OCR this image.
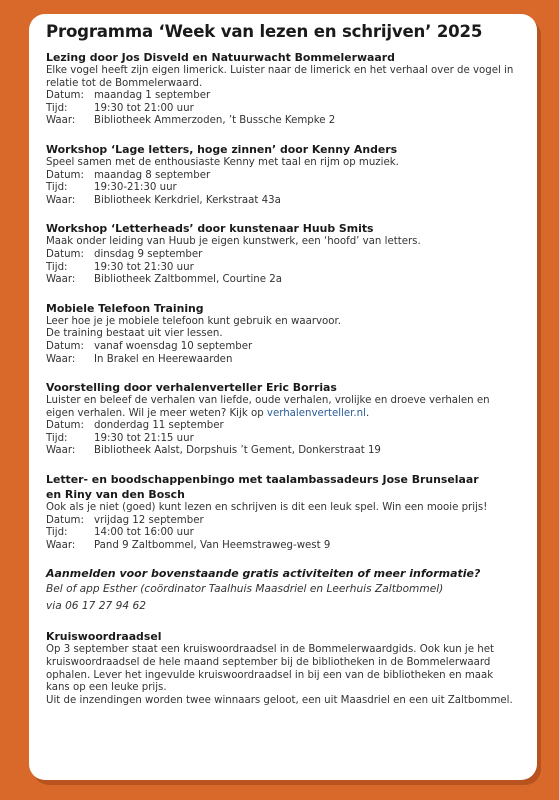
Programma ‘Week van lezen en schrijven’ 2025
Lezing door Jos Disveld en Natuurwacht Bommelerwaard
Elke vogel heeft zijn eigen limerick. Luister naar de limerick en het verhaal over de vogel in
relatie tot de Bommelerwaard.
Datum: maandag 1 september
Tijd:	19:30 tot 21:00 uur
Waar:	Bibliotheek Ammerzoden, ’t Bussche Kempke 2
Workshop ‘Lage letters, hoge zinnen’ door Kenny Anders
Speel samen met de enthousiaste Kenny met taal en rijm op muziek.
Datum: maandag 8 september
Tijd:	19:30-21:30 uur
Waar:	Bibliotheek Kerkdriel, Kerkstraat 43a
Workshop ‘Letterheads’ door kunstenaar Huub Smits
Maak onder leiding van Huub je eigen kunstwerk, een ‘hoofd’ van letters.
Datum: dinsdag 9 september
Tijd:	19:30 tot 21:30 uur
Waar:	Bibliotheek Zaltbommel, Courtine 2a
Mobiele Telefoon Training
Leer hoe je je mobiele telefoon kunt gebruik en waarvoor.
De training bestaat uit vier lessen.
Datum: vanaf woensdag 10 september
Waar:	In Brakel en Heerewaarden
Voorstelling door verhalenverteller Eric Borrias
Luister en beleef de verhalen van liefde, oude verhalen, vrolijke en droeve verhalen en
eigen verhalen. Wil je meer weten? Kijk op verhalenverteller.nl.
Datum: donderdag 11 september
Tijd:	19:30 tot 21:15 uur
Waar:	Bibliotheek Aalst, Dorpshuis ’t Gement, Donkerstraat 19
Letter- en boodschappenbingo met taalambassadeurs Jose Brunselaar
en Riny van den Bosch
Ook als je niet (goed) kunt lezen en schrijven is dit een leuk spel. Win een mooie prijs!
Datum: vrijdag 12 september
Tijd:	14:00 tot 16:00 uur
Waar:	Pand 9 Zaltbommel, Van Heemstraweg-west 9
Aanmelden voor bovenstaande gratis activiteiten of meer informatie?
Bel of app Esther (coördinator Taalhuis Maasdriel en Leerhuis Zaltbommel)
via 06 17 27 94 62
Kruiswoordraadsel
Op 3 september staat een kruiswoordraadsel in de Bommelerwaardgids. Ook kun je het
kruiswoordraadsel de hele maand september bij de bibliotheken in de Bommelerwaard
ophalen. Lever het ingevulde kruiswoordraadsel in bij een van de bibliotheken en maak
kans op een leuke prijs.
Uit de inzendingen worden twee winnaars geloot, een uit Maasdriel en een uit Zaltbommel.
